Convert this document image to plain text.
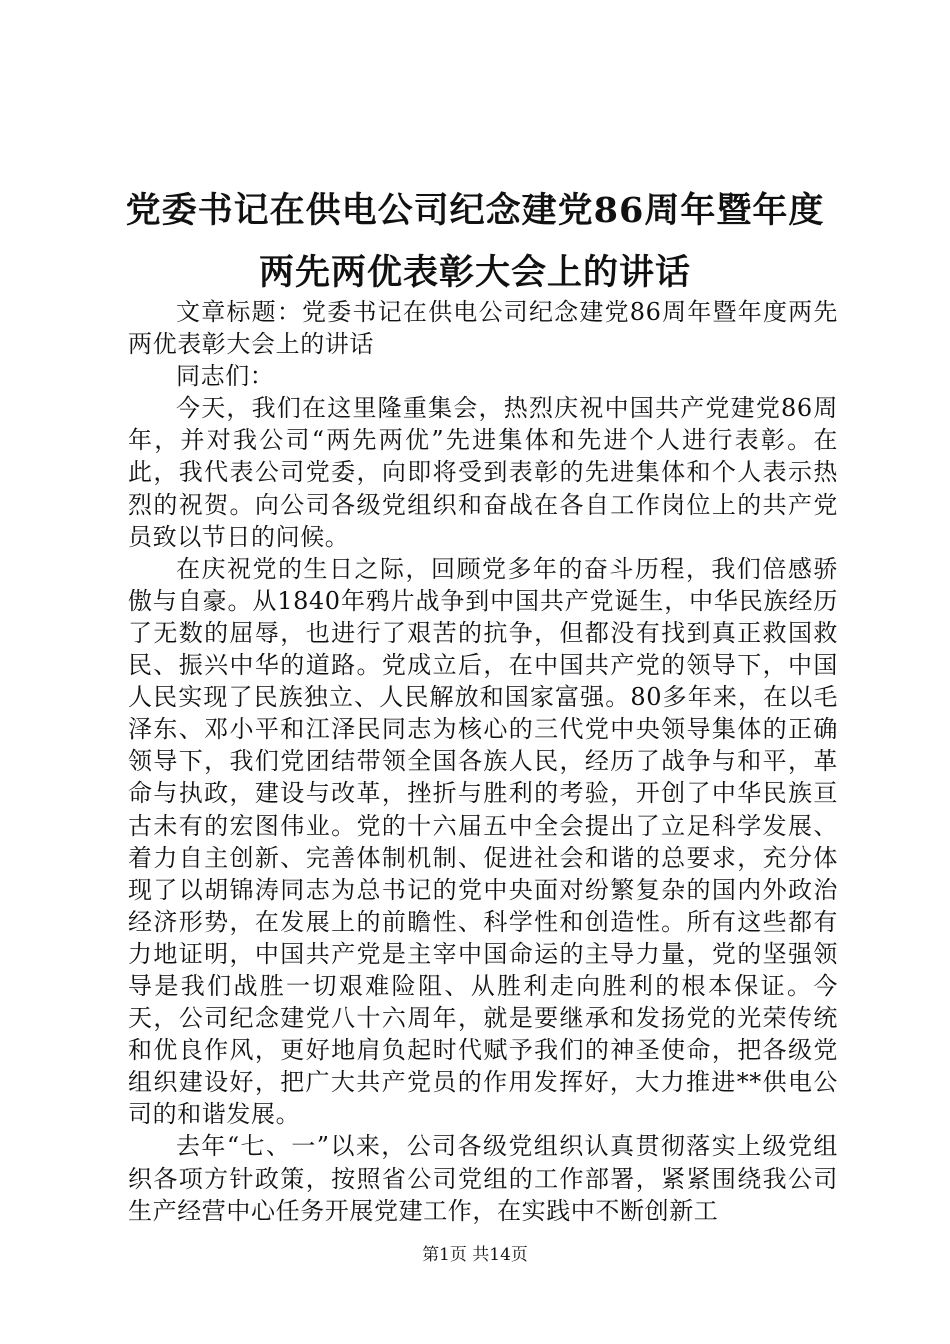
党委书记在供电公司纪念建党86周年暨年度
两先两优表彰大会上的讲话

文章标题：党委书记在供电公司纪念建党86周年暨年度两先两优表彰大会上的讲话

同志们：

今天，我们在这里隆重集会，热烈庆祝中国共产党建党86周年，并对我公司“两先两优”先进集体和先进个人进行表彰。在此，我代表公司党委，向即将受到表彰的先进集体和个人表示热烈的祝贺。向公司各级党组织和奋战在各自工作岗位上的共产党员致以节日的问候。

在庆祝党的生日之际，回顾党多年的奋斗历程，我们倍感骄傲与自豪。从1840年鸦片战争到中国共产党诞生，中华民族经历了无数的屈辱，也进行了艰苦的抗争，但都没有找到真正救国救民、振兴中华的道路。党成立后，在中国共产党的领导下，中国人民实现了民族独立、人民解放和国家富强。80多年来，在以毛泽东、邓小平和江泽民同志为核心的三代党中央领导集体的正确领导下，我们党团结带领全国各族人民，经历了战争与和平，革命与执政，建设与改革，挫折与胜利的考验，开创了中华民族亘古未有的宏图伟业。党的十六届五中全会提出了立足科学发展、着力自主创新、完善体制机制、促进社会和谐的总要求，充分体现了以胡锦涛同志为总书记的党中央面对纷繁复杂的国内外政治经济形势，在发展上的前瞻性、科学性和创造性。所有这些都有力地证明，中国共产党是主宰中国命运的主导力量，党的坚强领导是我们战胜一切艰难险阻、从胜利走向胜利的根本保证。今天，公司纪念建党八十六周年，就是要继承和发扬党的光荣传统和优良作风，更好地肩负起时代赋予我们的神圣使命，把各级党组织建设好，把广大共产党员的作用发挥好，大力推进**供电公司的和谐发展。

去年“七、一”以来，公司各级党组织认真贯彻落实上级党组织各项方针政策，按照省公司党组的工作部署，紧紧围绕我公司生产经营中心任务开展党建工作，在实践中不断创新工

第1页 共14页
